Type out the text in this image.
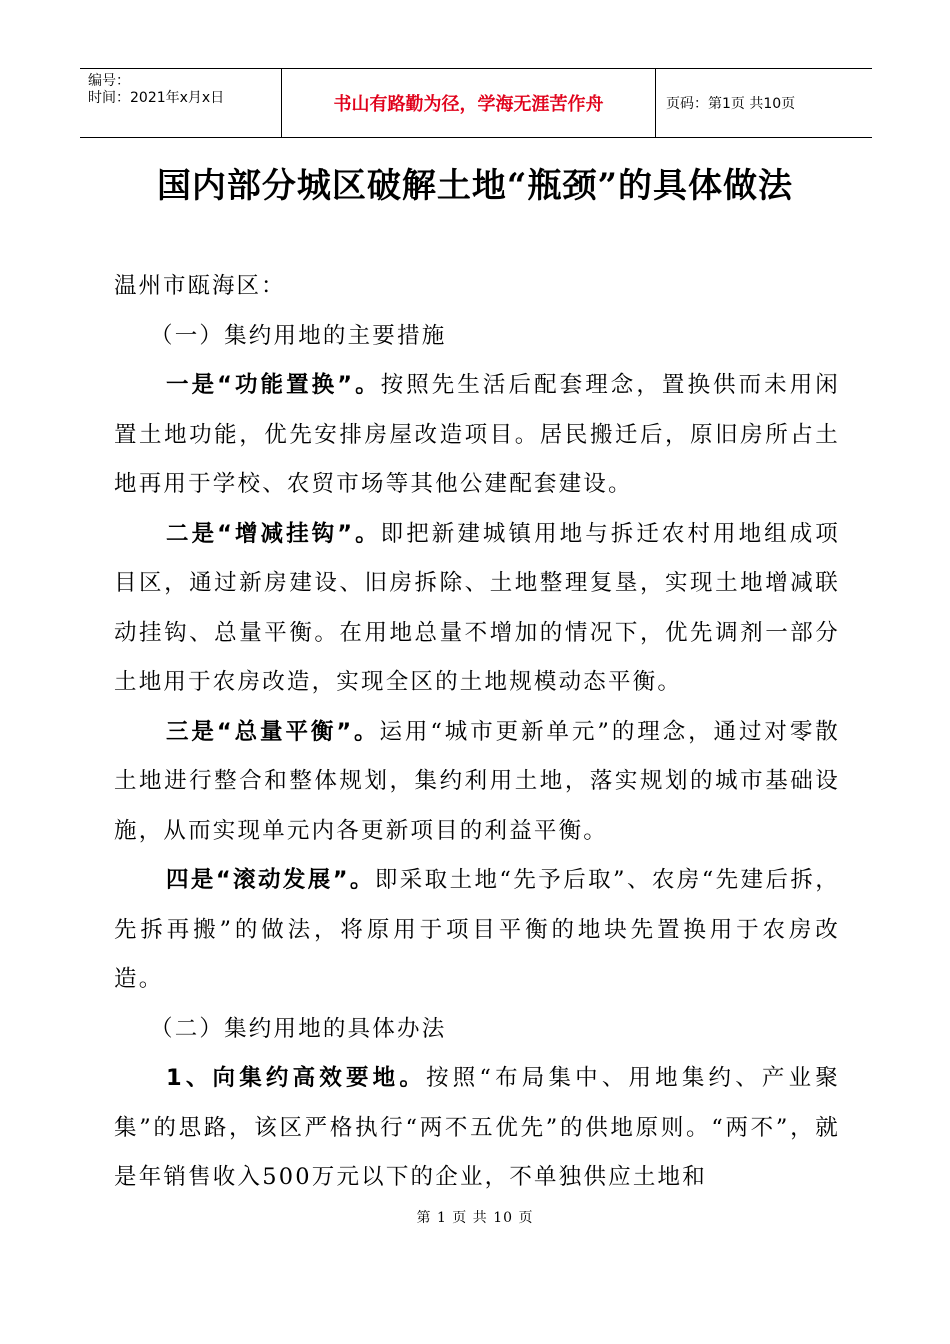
编号：
时间：2021年x月x日	书山有路勤为径，学海无涯苦作舟	页码：第1页 共10页
国内部分城区破解土地“瓶颈”的具体做法

温州市瓯海区：

（一）集约用地的主要措施

一是“功能置换”。按照先生活后配套理念，置换供而未用闲置土地功能，优先安排房屋改造项目。居民搬迁后，原旧房所占土地再用于学校、农贸市场等其他公建配套建设。

二是“增减挂钩”。即把新建城镇用地与拆迁农村用地组成项目区，通过新房建设、旧房拆除、土地整理复垦，实现土地增减联动挂钩、总量平衡。在用地总量不增加的情况下，优先调剂一部分土地用于农房改造，实现全区的土地规模动态平衡。

三是“总量平衡”。运用“城市更新单元”的理念，通过对零散土地进行整合和整体规划，集约利用土地，落实规划的城市基础设施，从而实现单元内各更新项目的利益平衡。

四是“滚动发展”。即采取土地“先予后取”、农房“先建后拆，先拆再搬”的做法，将原用于项目平衡的地块先置换用于农房改造。

（二）集约用地的具体办法

1、向集约高效要地。按照“布局集中、用地集约、产业聚集”的思路，该区严格执行“两不五优先”的供地原则。“两不”，就是年销售收入500万元以下的企业，不单独供应土地和

第 1 页 共 10 页
